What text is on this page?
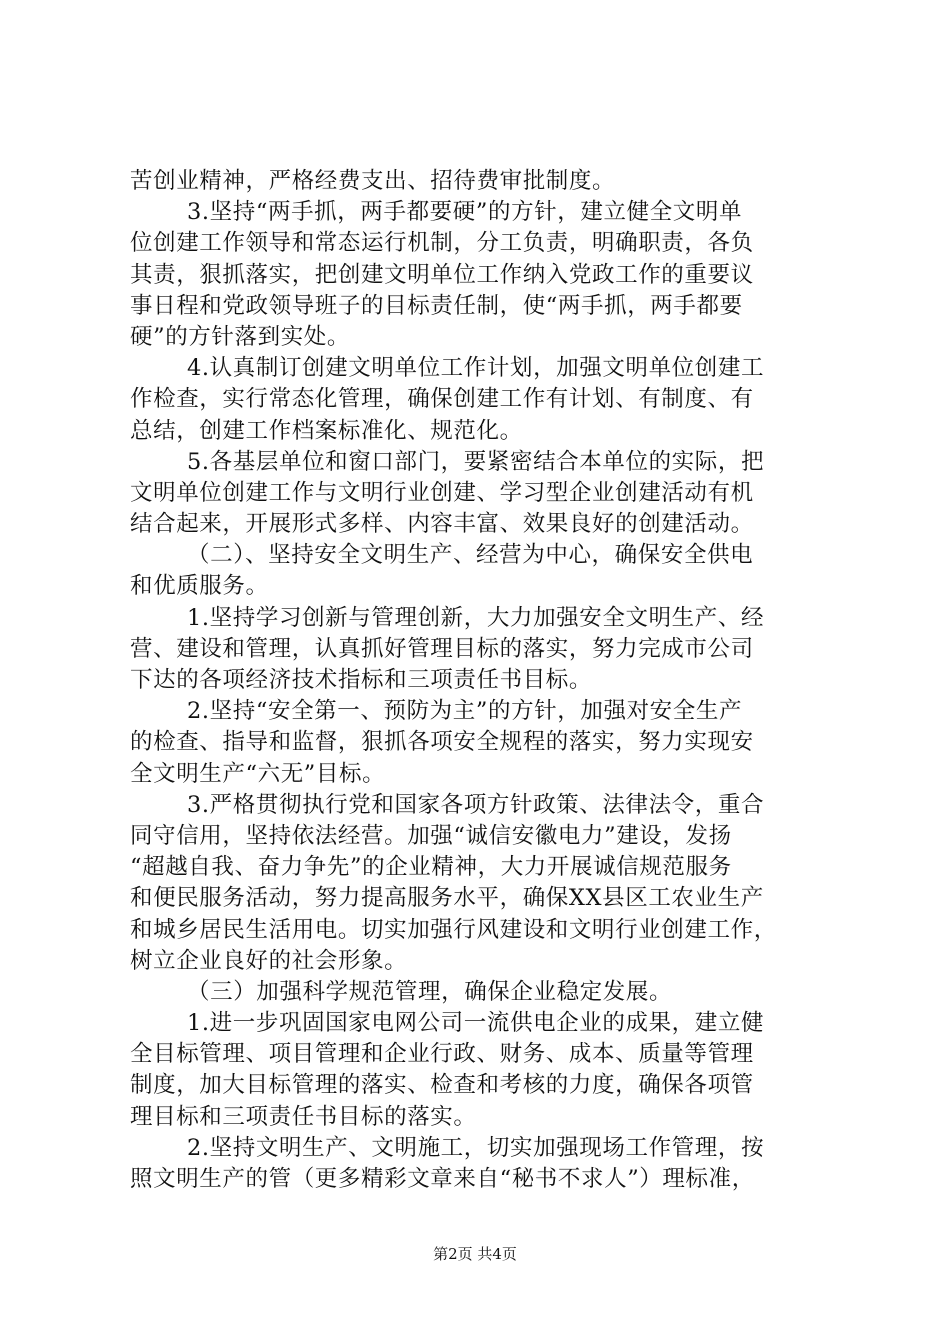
苦创业精神，严格经费支出、招待费审批制度。
3.坚持“两手抓，两手都要硬”的方针，建立健全文明单
位创建工作领导和常态运行机制，分工负责，明确职责，各负
其责，狠抓落实，把创建文明单位工作纳入党政工作的重要议
事日程和党政领导班子的目标责任制，使“两手抓，两手都要
硬”的方针落到实处。
4.认真制订创建文明单位工作计划，加强文明单位创建工
作检查，实行常态化管理，确保创建工作有计划、有制度、有
总结，创建工作档案标准化、规范化。
5.各基层单位和窗口部门，要紧密结合本单位的实际，把
文明单位创建工作与文明行业创建、学习型企业创建活动有机
结合起来，开展形式多样、内容丰富、效果良好的创建活动。
（二）、坚持安全文明生产、经营为中心，确保安全供电
和优质服务。
1.坚持学习创新与管理创新，大力加强安全文明生产、经
营、建设和管理，认真抓好管理目标的落实，努力完成市公司
下达的各项经济技术指标和三项责任书目标。
2.坚持“安全第一、预防为主”的方针，加强对安全生产
的检查、指导和监督，狠抓各项安全规程的落实，努力实现安
全文明生产“六无”目标。
3.严格贯彻执行党和国家各项方针政策、法律法令，重合
同守信用，坚持依法经营。加强“诚信安徽电力”建设，发扬
“超越自我、奋力争先”的企业精神，大力开展诚信规范服务
和便民服务活动，努力提高服务水平，确保XX县区工农业生产
和城乡居民生活用电。切实加强行风建设和文明行业创建工作，
树立企业良好的社会形象。
（三）加强科学规范管理，确保企业稳定发展。
1.进一步巩固国家电网公司一流供电企业的成果，建立健
全目标管理、项目管理和企业行政、财务、成本、质量等管理
制度，加大目标管理的落实、检查和考核的力度，确保各项管
理目标和三项责任书目标的落实。
2.坚持文明生产、文明施工，切实加强现场工作管理，按
照文明生产的管（更多精彩文章来自“秘书不求人”）理标准，
第2页 共4页
